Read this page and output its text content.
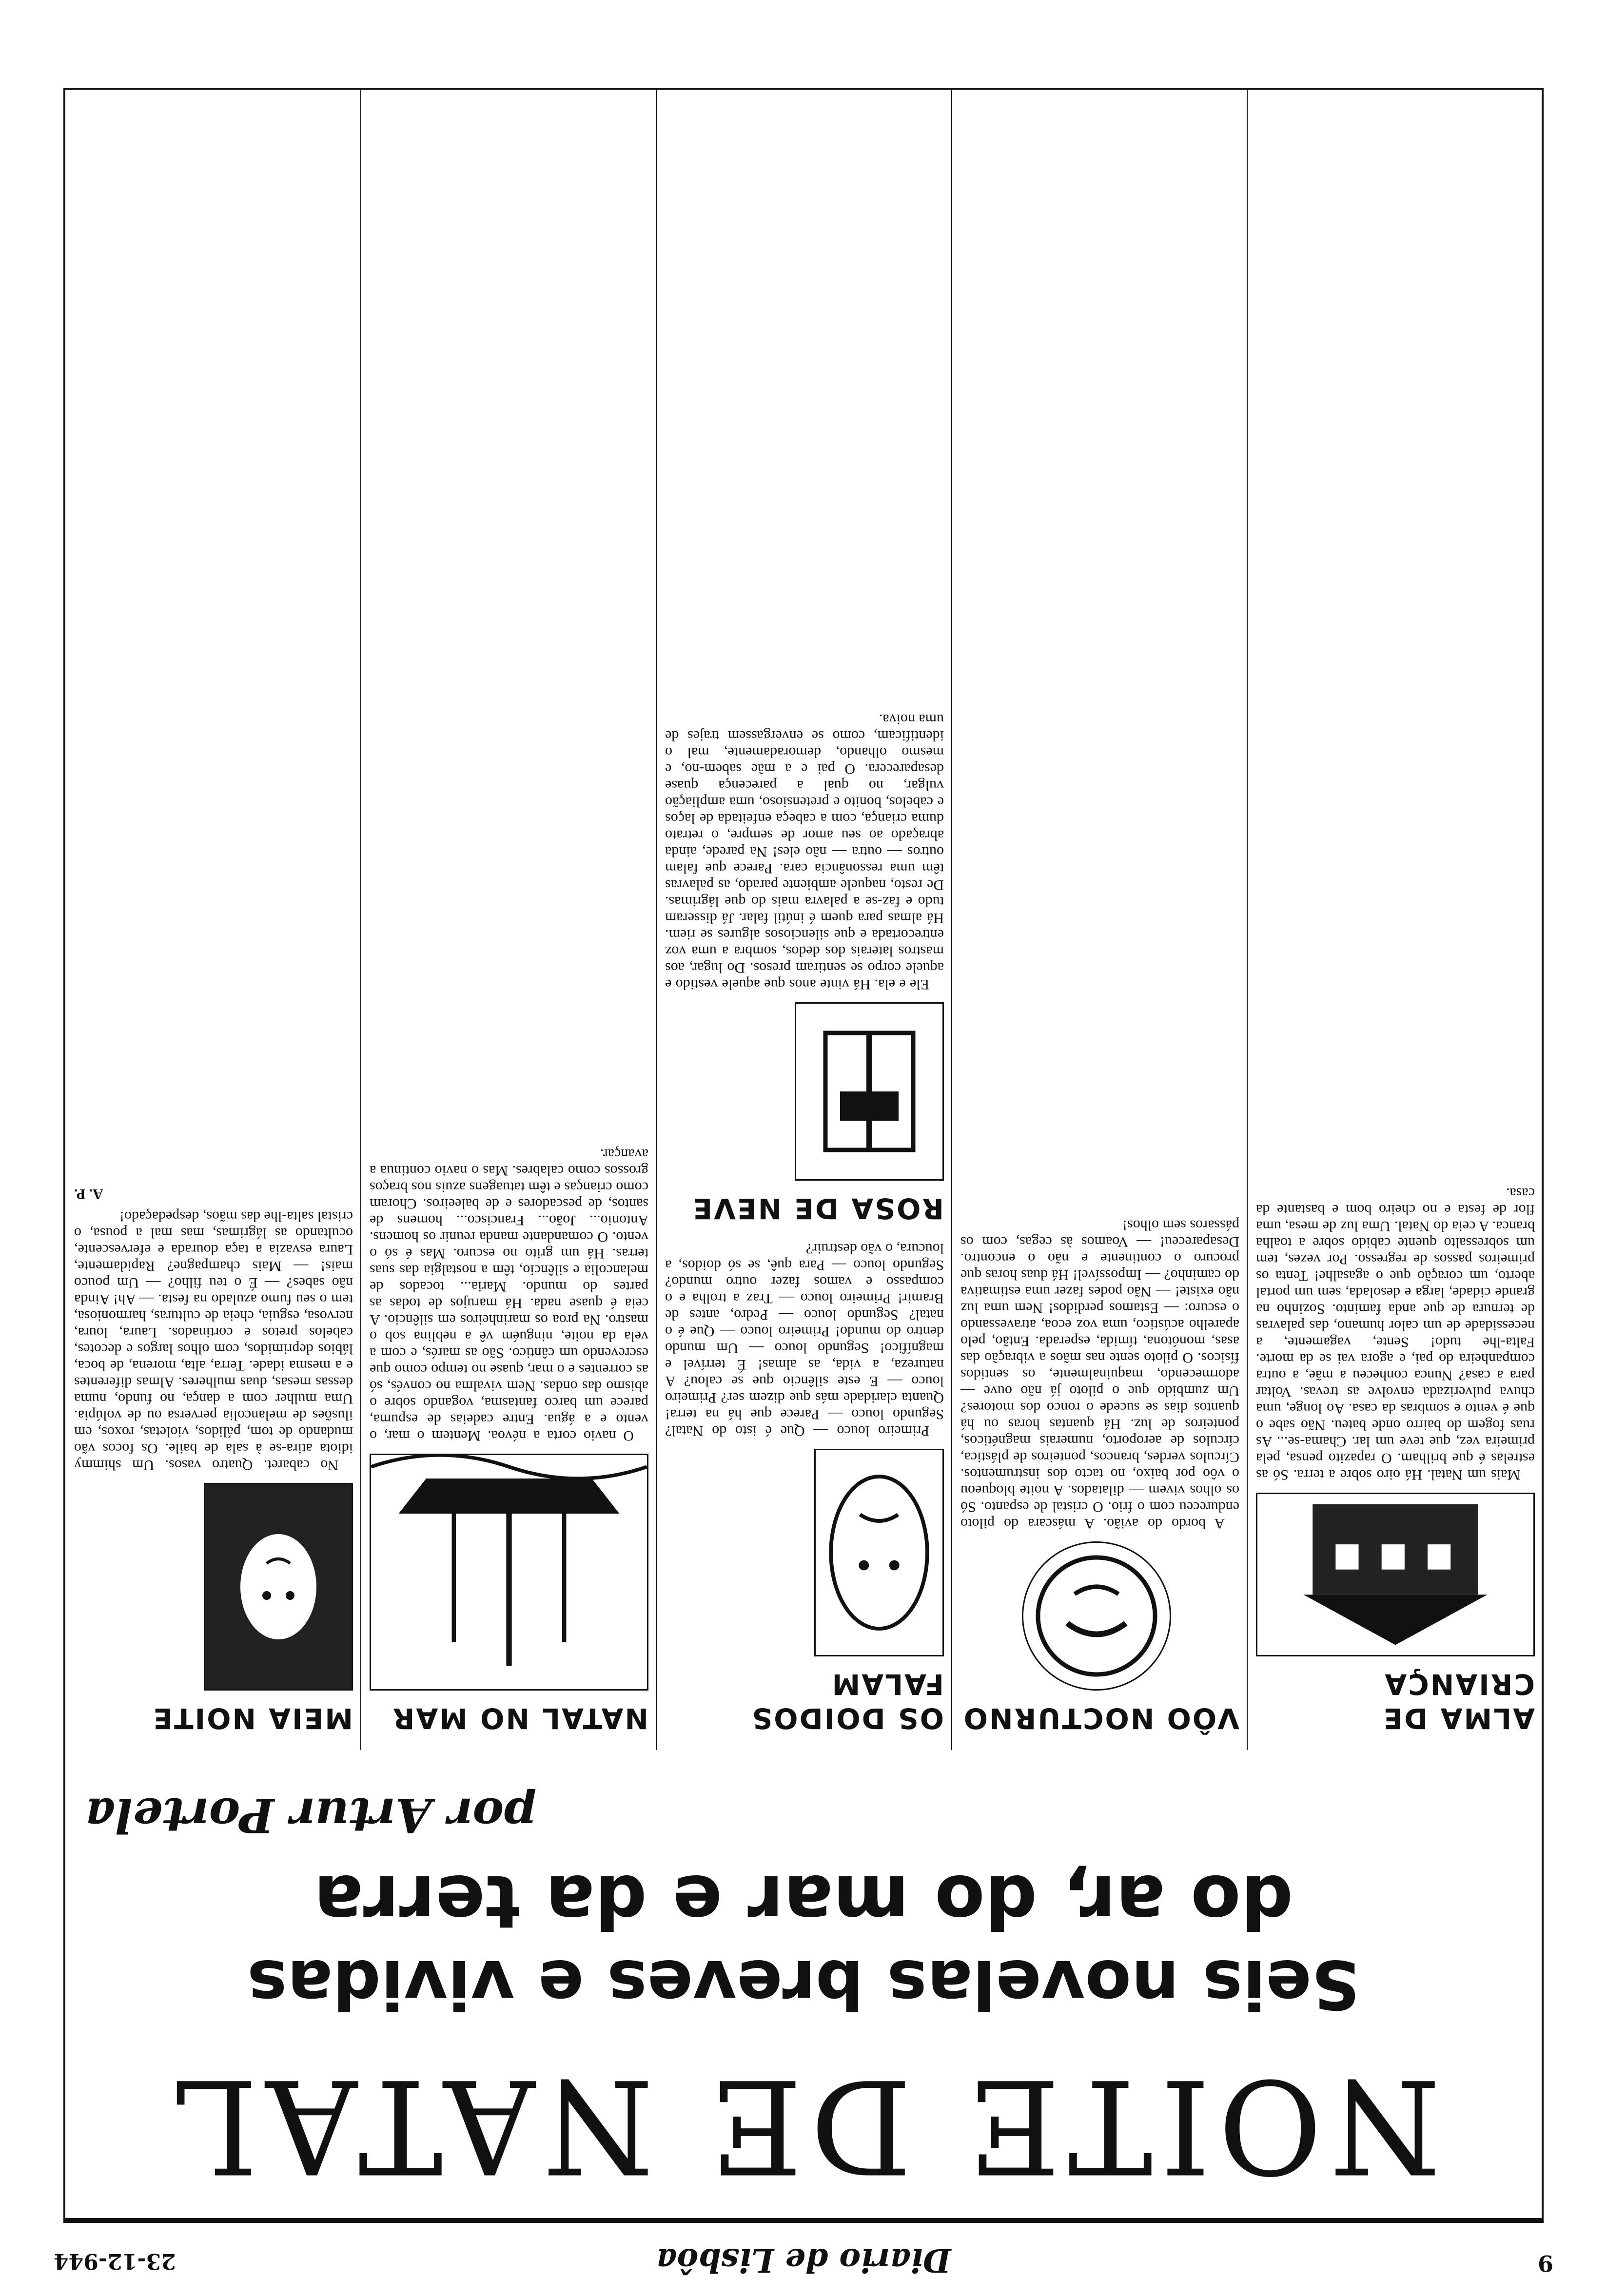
9
Diario de Lisbôa
23-12-944
NOITE DE NATAL
Seis novelas breves e vividas
do ar, do mar e da terra
por Artur Portela
ALMA DE CRIANÇA

Mais um Natal. Há oiro sobre a terra. Só as estrelas é que brilham. O rapazito pensa, pela primeira vez, que teve um lar. Chama-se... As ruas fogem do bairro onde bateu. Não sabe o que é vento e sombras da casa. Ao longe, uma chuva pulverizada envolve as trevas. Voltar para a casa? Nunca conheceu a mãe, a outra companheira do pai, e agora vai se da morte. Falta-lhe tudo! Sente, vagamente, a necessidade de um calor humano, das palavras de ternura de que anda faminto. Sozinho na grande cidade, larga e desolada, sem um portal aberto, um coração que o agasalhe! Tenta os primeiros passos de regresso. Por vezes, tem um sobressalto quente cabido sobre a toalha branca. A ceia do Natal. Uma luz de mesa, uma flor de festa e no cheiro bom e bastante da casa.

VÔO NOCTURNO

A bordo do avião. A máscara do piloto endureceu com o frio. O cristal de espanto. Só os olhos vivem — dilatados. A noite bloqueou o vôo por baixo, no tacto dos instrumentos. Círculos verdes, brancos, ponteiros de plástica, círculos de aeroporto, numerais magnéticos, ponteiros de luz. Há quantas horas ou há quantos dias se sucede o ronco dos motores? Um zumbido que o piloto já não ouve — adormecendo, maquinalmente, os sentidos físicos. O piloto sente nas mãos a vibração das asas, monótona, tímida, esperada. Então, pelo aparelho acústico, uma voz ecoa, atravessando o escuro: — Estamos perdidos! Nem uma luz não existe! — Não podes fazer uma estimativa do caminho? — Impossível! Há duas horas que procuro o continente e não o encontro. Desapareceu! — Voamos às cegas, com os pássaros sem olhos!

OS DOIDOS FALAM

Primeiro louco — Que é isto do Natal? Segundo louco — Parece que há na terra! Quanta claridade más que dizem ser? Primeiro louco — E este silêncio que se calou? A natureza, a vida, as almas! É terrível e magnífico! Segundo louco — Um mundo dentro do mundo! Primeiro louco — Que é o natal? Segundo louco — Pedro, antes de Bramir! Primeiro louco — Traz a trolha e o compasso e vamos fazer outro mundo? Segundo louco — Para quê, se só doidos, a loucura, o vão destruir?

ROSA DE NEVE

Ele e ela. Há vinte anos que aquele vestido e aquele corpo se sentiram presos. Do lugar, aos mastros laterais dos dedos, sombra a uma voz entrecortada e que silenciosos algures se riem. Há almas para quem é inútil falar. Já disseram tudo e faz-se a palavra mais do que lágrimas. De resto, naquele ambiente parado, as palavras têm uma ressonância cara. Parece que falam outros — outra — não eles! Na parede, ainda abraçado ao seu amor de sempre, o retrato duma criança, com a cabeça enfeitada de laços e cabelos, bonito e pretensioso, uma ampliação vulgar, no qual a parecença quase desaparecera. O pai e a mãe sabem-no, e mesmo olhando, demoradamente, mal o identificam, como se envergassem trajes de uma noiva.

NATAL NO MAR

O navio corta a névoa. Mentem o mar, o vento e a água. Entre cadeias de espuma, parece um barco fantasma, vogando sobre o abismo das ondas. Nem vivalma no convés, só as correntes e o mar, quase no tempo como que escrevendo um cântico. São as marés, e com a vela da noite, ninguém vê a neblina sob o mastro. Na proa os marinheiros em silêncio. A ceia é quase nada. Há marujos de todas as partes do mundo. Maria... tocados de melancolia e silêncio, têm a nostalgia das suas terras. Há um grito no escuro. Mas é só o vento. O comandante manda reunir os homens. Antonio... João... Francisco... homens de santos, de pescadores e de baleeiros. Choram como crianças e têm tatuagens azuis nos braços grossos como calabres. Mas o navio continua a avançar.

MEIA NOITE

No cabaret. Quatro vasos. Um shimmy idiota atira-se à sala de baile. Os focos vão mudando de tom, pálidos, violetas, roxos, em ilusões de melancolia perversa ou de volúpia. Uma mulher com a dança, no fundo, numa dessas mesas, duas mulheres. Almas diferentes e a mesma idade. Terra, alta, morena, de boca, lábios deprimidos, com olhos largos e decotes, cabelos pretos e cortinados. Laura, loura, nervosa, esguia, cheia de culturas, harmoniosa, tem o seu fumo azulado na festa. — Ah! Ainda não sabes? — É o teu filho? — Um pouco mais! — Mais champagne? Rapidamente, Laura esvazia a taça dourada e efervescente, ocultando as lágrimas, mas mal a pousa, o cristal salta-lhe das mãos, despedaçado!

A. P.
